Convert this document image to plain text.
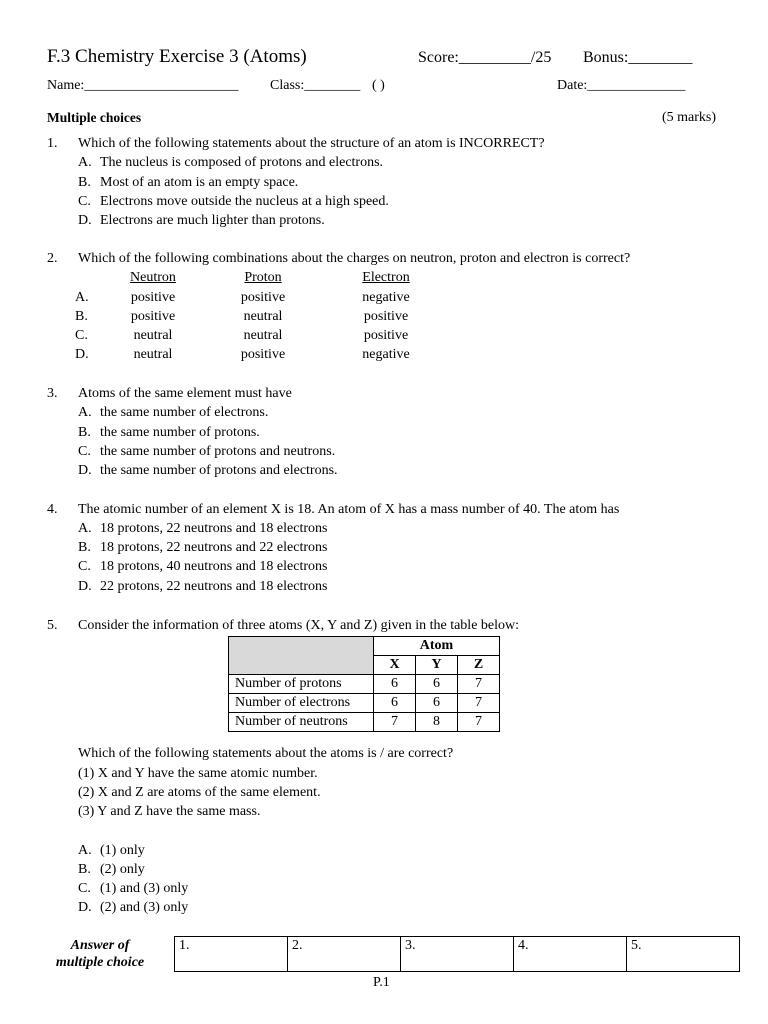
F.3 Chemistry Exercise 3 (Atoms)	Score:_________/25 Bonus:________
Name:______________________ Class:________ ( )	Date:______________
Multiple choices	(5 marks)
1. Which of the following statements about the structure of an atom is INCORRECT?
A. The nucleus is composed of protons and electrons.
B. Most of an atom is an empty space.
C. Electrons move outside the nucleus at a high speed.
D. Electrons are much lighter than protons.
2. Which of the following combinations about the charges on neutron, proton and electron is correct?
Neutron	Proton	Electron
A.	positive	positive	negative
B.	positive	neutral	positive
C.	neutral	neutral	positive
D.	neutral	positive	negative
3. Atoms of the same element must have
A. the same number of electrons.
B. the same number of protons.
C. the same number of protons and neutrons.
D. the same number of protons and electrons.
4. The atomic number of an element X is 18. An atom of X has a mass number of 40. The atom has
A. 18 protons, 22 neutrons and 18 electrons
B. 18 protons, 22 neutrons and 22 electrons
C. 18 protons, 40 neutrons and 18 electrons
D. 22 protons, 22 neutrons and 18 electrons
5. Consider the information of three atoms (X, Y and Z) given in the table below:
	Atom		
	X	Y	Z
Number of protons	6	6	7
Number of electrons	6	6	7
Number of neutrons	7	8	7
Which of the following statements about the atoms is / are correct?
(1) X and Y have the same atomic number.
(2) X and Z are atoms of the same element.
(3) Y and Z have the same mass.
A. (1) only
B. (2) only
C. (1) and (3) only
D. (2) and (3) only
Answer of
multiple choice
1.	2.	3.	4.	5.
P.1
